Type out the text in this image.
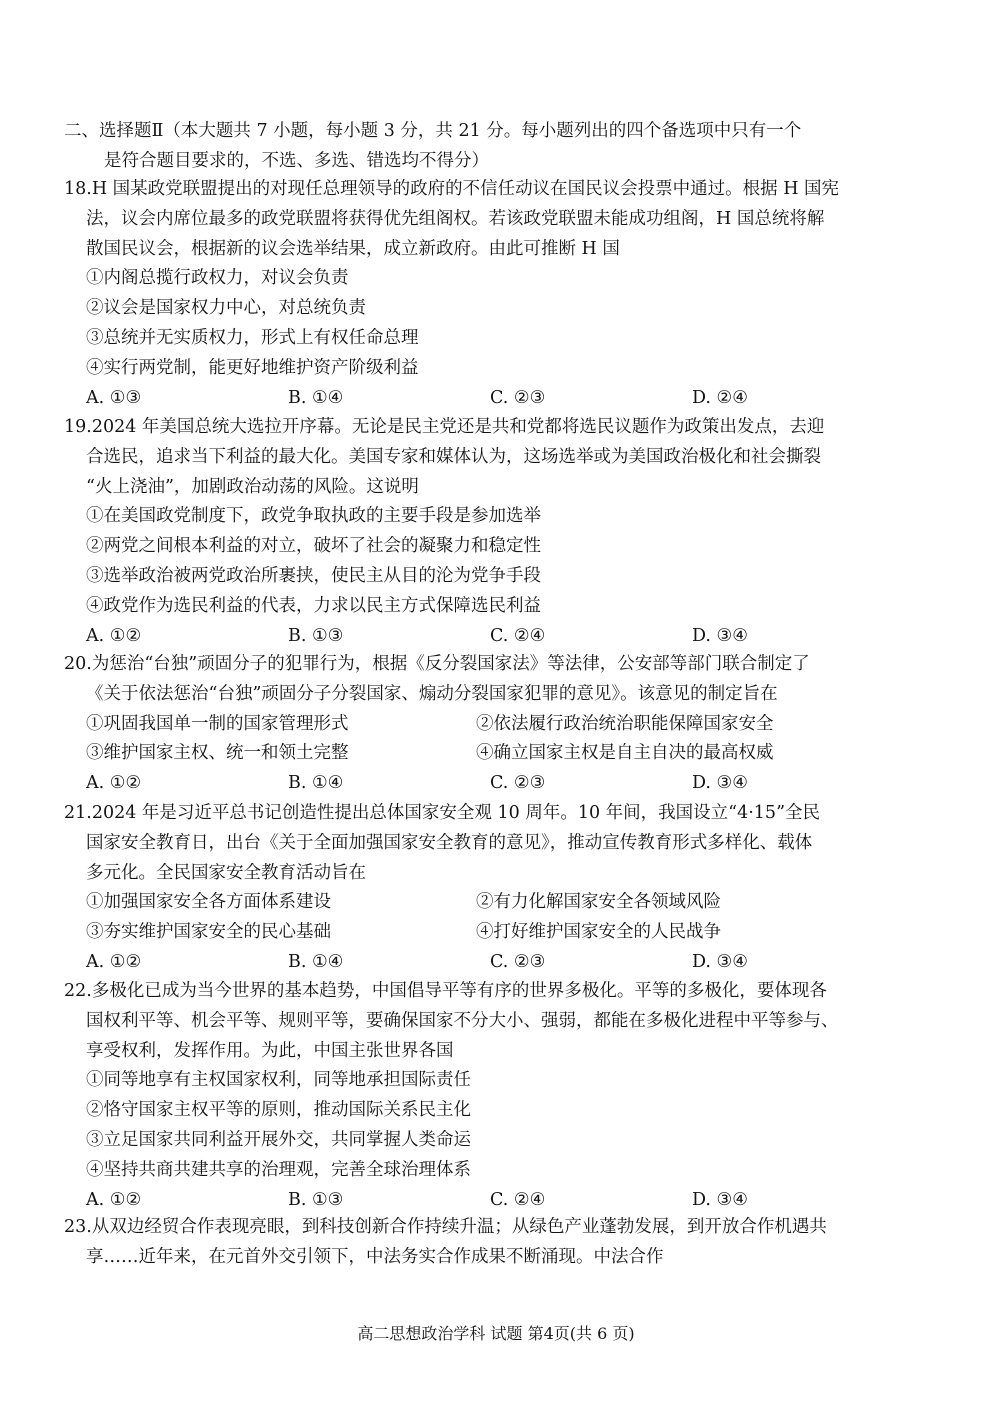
二、选择题Ⅱ（本大题共 7 小题，每小题 3 分，共 21 分。每小题列出的四个备选项中只有一个
是符合题目要求的，不选、多选、错选均不得分）
18.H 国某政党联盟提出的对现任总理领导的政府的不信任动议在国民议会投票中通过。根据 H 国宪
法，议会内席位最多的政党联盟将获得优先组阁权。若该政党联盟未能成功组阁，H 国总统将解
散国民议会，根据新的议会选举结果，成立新政府。由此可推断 H 国
①内阁总揽行政权力，对议会负责
②议会是国家权力中心，对总统负责
③总统并无实质权力，形式上有权任命总理
④实行两党制，能更好地维护资产阶级利益
A. ①③	B. ①④	C. ②③	D. ②④
19.2024 年美国总统大选拉开序幕。无论是民主党还是共和党都将选民议题作为政策出发点，去迎
合选民，追求当下利益的最大化。美国专家和媒体认为，这场选举或为美国政治极化和社会撕裂
“火上浇油”，加剧政治动荡的风险。这说明
①在美国政党制度下，政党争取执政的主要手段是参加选举
②两党之间根本利益的对立，破坏了社会的凝聚力和稳定性
③选举政治被两党政治所裹挟，使民主从目的沦为党争手段
④政党作为选民利益的代表，力求以民主方式保障选民利益
A. ①②	B. ①③	C. ②④	D. ③④
20.为惩治“台独”顽固分子的犯罪行为，根据《反分裂国家法》等法律，公安部等部门联合制定了
《关于依法惩治“台独”顽固分子分裂国家、煽动分裂国家犯罪的意见》。该意见的制定旨在
①巩固我国单一制的国家管理形式	②依法履行政治统治职能保障国家安全
③维护国家主权、统一和领土完整	④确立国家主权是自主自决的最高权威
A. ①②	B. ①④	C. ②③	D. ③④
21.2024 年是习近平总书记创造性提出总体国家安全观 10 周年。10 年间，我国设立“4·15”全民
国家安全教育日，出台《关于全面加强国家安全教育的意见》，推动宣传教育形式多样化、载体
多元化。全民国家安全教育活动旨在
①加强国家安全各方面体系建设	②有力化解国家安全各领域风险
③夯实维护国家安全的民心基础	④打好维护国家安全的人民战争
A. ①②	B. ①④	C. ②③	D. ③④
22.多极化已成为当今世界的基本趋势，中国倡导平等有序的世界多极化。平等的多极化，要体现各
国权利平等、机会平等、规则平等，要确保国家不分大小、强弱，都能在多极化进程中平等参与、
享受权利，发挥作用。为此，中国主张世界各国
①同等地享有主权国家权利，同等地承担国际责任
②恪守国家主权平等的原则，推动国际关系民主化
③立足国家共同利益开展外交，共同掌握人类命运
④坚持共商共建共享的治理观，完善全球治理体系
A. ①②	B. ①③	C. ②④	D. ③④
23.从双边经贸合作表现亮眼，到科技创新合作持续升温；从绿色产业蓬勃发展，到开放合作机遇共
享……近年来，在元首外交引领下，中法务实合作成果不断涌现。中法合作
高二思想政治学科 试题 第4页(共 6 页)
